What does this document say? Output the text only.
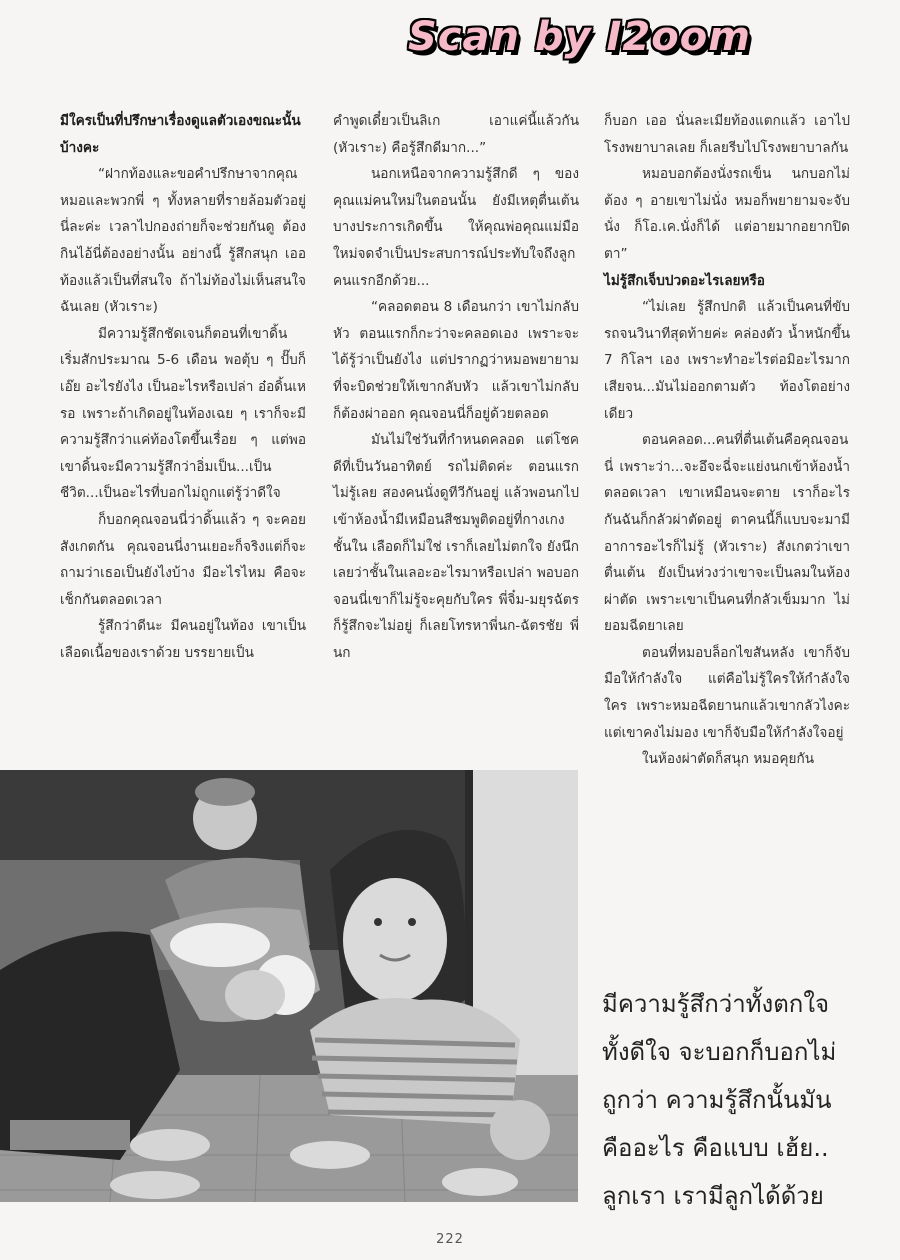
Scan by I2oom

มีใครเป็นที่ปรึกษาเรื่องดูแลตัวเองขณะนั้นบ้างคะ

“ฝากท้องและขอคำปรึกษาจากคุณหมอและพวกพี่ ๆ ทั้งหลายที่รายล้อมตัวอยู่นี่ละค่ะ เวลาไปกองถ่ายก็จะช่วยกันดู ต้องกินไอ้นี่ต้องอย่างนั้น อย่างนี้ รู้สึกสนุก เออท้องแล้วเป็นที่สนใจ ถ้าไม่ท้องไม่เห็นสนใจฉันเลย (หัวเราะ)

มีความรู้สึกชัดเจนก็ตอนที่เขาดิ้นเริ่มสักประมาณ 5-6 เดือน พอตุ้บ ๆ ปั๊บก็เอ๊ย อะไรยังไง เป็นอะไรหรือเปล่า อ๋อดิ้นเหรอ เพราะถ้าเกิดอยู่ในท้องเฉย ๆ เราก็จะมีความรู้สึกว่าแค่ท้องโตขึ้นเรื่อย ๆ แต่พอเขาดิ้นจะมีความรู้สึกว่าอิ่มเป็น...เป็นชีวิต...เป็นอะไรที่บอกไม่ถูกแต่รู้ว่าดีใจ

ก็บอกคุณจอนนี่ว่าดิ้นแล้ว ๆ จะคอยสังเกตกัน คุณจอนนี่งานเยอะก็จริงแต่ก็จะถามว่าเธอเป็นยังไงบ้าง มีอะไรไหม คือจะเช็กกันตลอดเวลา

รู้สึกว่าดีนะ มีคนอยู่ในท้อง เขาเป็นเลือดเนื้อของเราด้วย บรรยายเป็น

คำพูดเดี๋ยวเป็นลิเก เอาแค่นี้แล้วกัน (หัวเราะ) คือรู้สึกดีมาก...”

นอกเหนือจากความรู้สึกดี ๆ ของคุณแม่คนใหม่ในตอนนั้น ยังมีเหตุตื่นเต้นบางประการเกิดขึ้น ให้คุณพ่อคุณแม่มือใหม่จดจำเป็นประสบการณ์ประทับใจถึงลูกคนแรกอีกด้วย...

“คลอดตอน 8 เดือนกว่า เขาไม่กลับหัว ตอนแรกก็กะว่าจะคลอดเอง เพราะจะได้รู้ว่าเป็นยังไง แต่ปรากฏว่าหมอพยายามที่จะบิดช่วยให้เขากลับหัว แล้วเขาไม่กลับ ก็ต้องผ่าออก คุณจอนนี่ก็อยู่ด้วยตลอด

มันไม่ใช่วันที่กำหนดคลอด แต่โชคดีที่เป็นวันอาทิตย์ รถไม่ติดค่ะ ตอนแรกไม่รู้เลย สองคนนั่งดูทีวีกันอยู่ แล้วพอนกไปเข้าห้องน้ำมีเหมือนสีชมพูติดอยู่ที่กางเกงชั้นใน เลือดก็ไม่ใช่ เราก็เลยไม่ตกใจ ยังนึกเลยว่าชั้นในเลอะอะไรมาหรือเปล่า พอบอกจอนนี่เขาก็ไม่รู้จะคุยกับใคร พี่จิ๋ม-มยุรฉัตรก็รู้สึกจะไม่อยู่ ก็เลยโทรหาพี่นก-ฉัตรชัย พี่นก

ก็บอก เออ นั่นละเมียท้องแตกแล้ว เอาไปโรงพยาบาลเลย ก็เลยรีบไปโรงพยาบาลกัน

หมอบอกต้องนั่งรถเข็น นกบอกไม่ต้อง ๆ อายเขาไม่นั่ง หมอก็พยายามจะจับนั่ง ก็โอ.เค.นั่งก็ได้ แต่อายมากอยากปิดตา”

ไม่รู้สึกเจ็บปวดอะไรเลยหรือ

“ไม่เลย รู้สึกปกติ แล้วเป็นคนที่ขับรถจนวินาทีสุดท้ายค่ะ คล่องตัว น้ำหนักขึ้น 7 กิโลฯ เอง เพราะทำอะไรต่อมิอะไรมากเสียจน...มันไม่ออกตามตัว ท้องโตอย่างเดียว

ตอนคลอด...คนที่ตื่นเต้นคือคุณจอนนี่ เพราะว่า...จะอึจะฉี่จะแย่งนกเข้าห้องน้ำตลอดเวลา เขาเหมือนจะตาย เราก็อะไรกันฉันก็กลัวผ่าตัดอยู่ ตาคนนี้ก็แบบจะมามีอาการอะไรก็ไม่รู้ (หัวเราะ) สังเกตว่าเขาตื่นเต้น ยังเป็นห่วงว่าเขาจะเป็นลมในห้องผ่าตัด เพราะเขาเป็นคนที่กลัวเข็มมาก ไม่ยอมฉีดยาเลย

ตอนที่หมอบล็อกไขสันหลัง เขาก็จับมือให้กำลังใจ แต่คือไม่รู้ใครให้กำลังใจใคร เพราะหมอฉีดยานกแล้วเขากลัวไงคะ แต่เขาคงไม่มอง เขาก็จับมือให้กำลังใจอยู่

ในห้องผ่าตัดก็สนุก หมอคุยกัน

มีความรู้สึกว่าทั้งตกใจ
ทั้งดีใจ จะบอกก็บอกไม่
ถูกว่า ความรู้สึกนั้นมัน
คืออะไร คือแบบ เฮ้ย..
ลูกเรา เรามีลูกได้ด้วย
222
